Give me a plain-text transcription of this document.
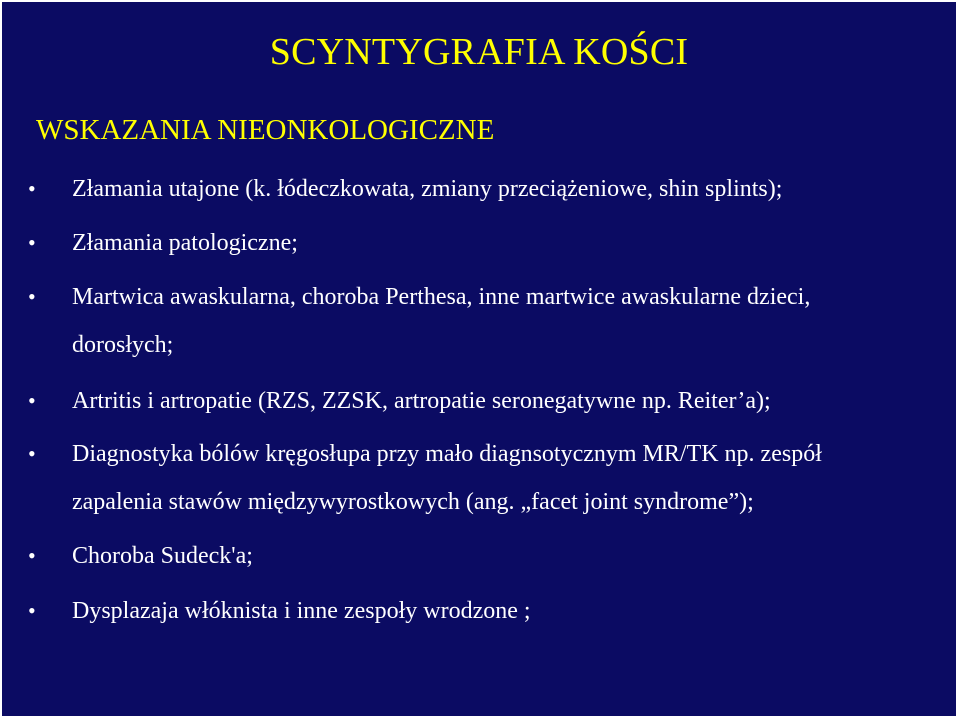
SCYNTYGRAFIA KOŚCI
WSKAZANIA NIEONKOLOGICZNE
•	Złamania utajone (k. łódeczkowata, zmiany przeciążeniowe, shin splints);
•	Złamania patologiczne;
•	Martwica awaskularna, choroba Perthesa, inne martwice awaskularne dzieci,
dorosłych;
•	Artritis i artropatie (RZS, ZZSK, artropatie seronegatywne np. Reiter’a);
•	Diagnostyka bólów kręgosłupa przy mało diagnsotycznym MR/TK np. zespół
zapalenia stawów międzywyrostkowych (ang. „facet joint syndrome”);
•	Choroba Sudeck'a;
•	Dysplazaja włóknista i inne zespoły wrodzone ;
